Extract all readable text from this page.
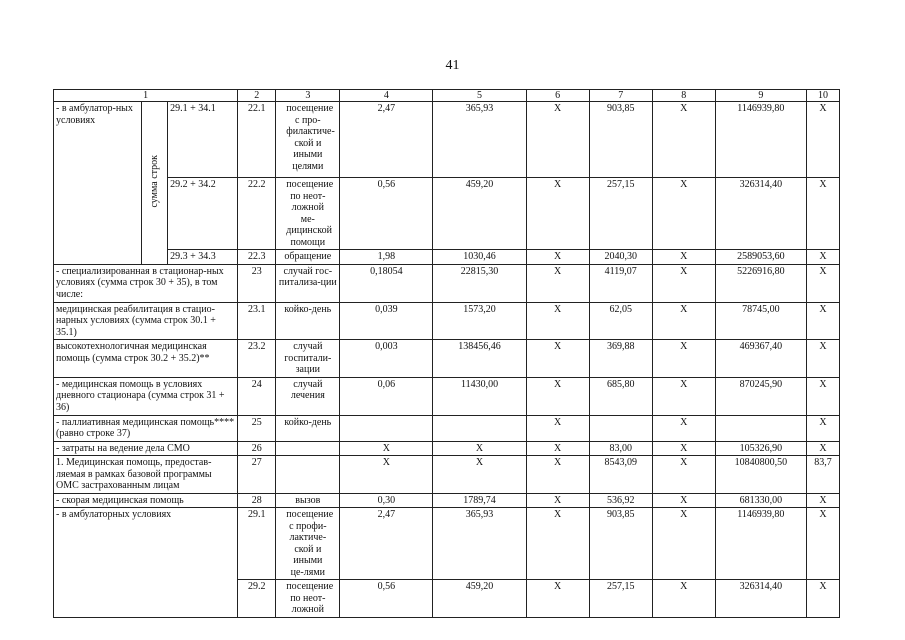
41
1			2	3	4	5	6	7	8	9	10
- в амбулатор-ных условиях	сумма строк	29.1 + 34.1	22.1	посещение с про-филактиче-ской и иными целями	2,47	365,93	X	903,85	X	1146939,80	X
		29.2 + 34.2	22.2	посещение по неот-ложной ме-дицинской помощи	0,56	459,20	X	257,15	X	326314,40	X
		29.3 + 34.3	22.3	обращение	1,98	1030,46	X	2040,30	X	2589053,60	X
- специализированная в стационар-ных условиях (сумма строк 30 + 35), в том числе:			23	случай гос-питализа-ции	0,18054	22815,30	X	4119,07	X	5226916,80	X
медицинская реабилитация в стацио-нарных условиях (сумма строк 30.1 + 35.1)			23.1	койко-день	0,039	1573,20	X	62,05	X	78745,00	X
высокотехнологичная медицинская помощь (сумма строк 30.2 + 35.2)**			23.2	случай госпитали-зации	0,003	138456,46	X	369,88	X	469367,40	X
- медицинская помощь в условиях дневного стационара (сумма строк 31 + 36)			24	случай лечения	0,06	11430,00	X	685,80	X	870245,90	X
- паллиативная медицинская помощь**** (равно строке 37)			25	койко-день			X		X		X
- затраты на ведение дела СМО			26		X	X	X	83,00	X	105326,90	X
1. Медицинская помощь, предостав-ляемая в рамках базовой программы ОМС застрахованным лицам			27		X	X	X	8543,09	X	10840800,50	83,7
- скорая медицинская помощь			28	вызов	0,30	1789,74	X	536,92	X	681330,00	X
- в амбулаторных условиях			29.1	посещение с профи-лактиче-ской и иными це-лями	2,47	365,93	X	903,85	X	1146939,80	X
			29.2	посещение по неот-ложной	0,56	459,20	X	257,15	X	326314,40	X
